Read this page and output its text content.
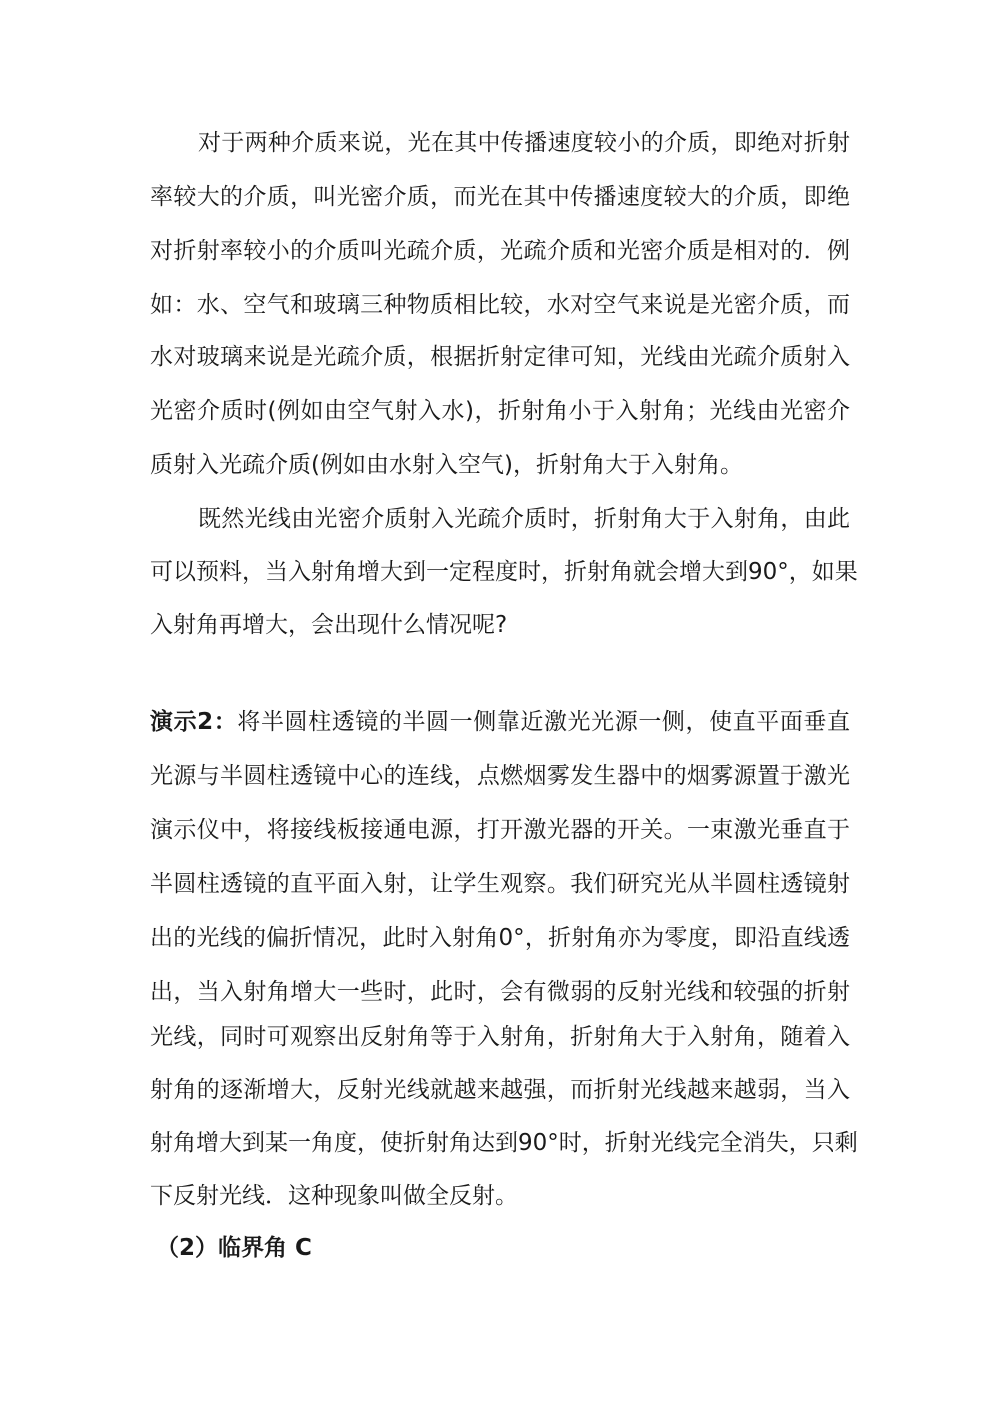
对于两种介质来说，光在其中传播速度较小的介质，即绝对折射
率较大的介质，叫光密介质，而光在其中传播速度较大的介质，即绝
对折射率较小的介质叫光疏介质，光疏介质和光密介质是相对的．例
如：水、空气和玻璃三种物质相比较，水对空气来说是光密介质，而
水对玻璃来说是光疏介质，根据折射定律可知，光线由光疏介质射入
光密介质时(例如由空气射入水)，折射角小于入射角；光线由光密介
质射入光疏介质(例如由水射入空气)，折射角大于入射角。
既然光线由光密介质射入光疏介质时，折射角大于入射角，由此
可以预料，当入射角增大到一定程度时，折射角就会增大到90°，如果
入射角再增大，会出现什么情况呢?
演示2：将半圆柱透镜的半圆一侧靠近激光光源一侧，使直平面垂直
光源与半圆柱透镜中心的连线，点燃烟雾发生器中的烟雾源置于激光
演示仪中，将接线板接通电源，打开激光器的开关。一束激光垂直于
半圆柱透镜的直平面入射，让学生观察。我们研究光从半圆柱透镜射
出的光线的偏折情况，此时入射角0°，折射角亦为零度，即沿直线透
出，当入射角增大一些时，此时，会有微弱的反射光线和较强的折射
光线，同时可观察出反射角等于入射角，折射角大于入射角，随着入
射角的逐渐增大，反射光线就越来越强，而折射光线越来越弱，当入
射角增大到某一角度，使折射角达到90°时，折射光线完全消失，只剩
下反射光线．这种现象叫做全反射。
（2）临界角 C
